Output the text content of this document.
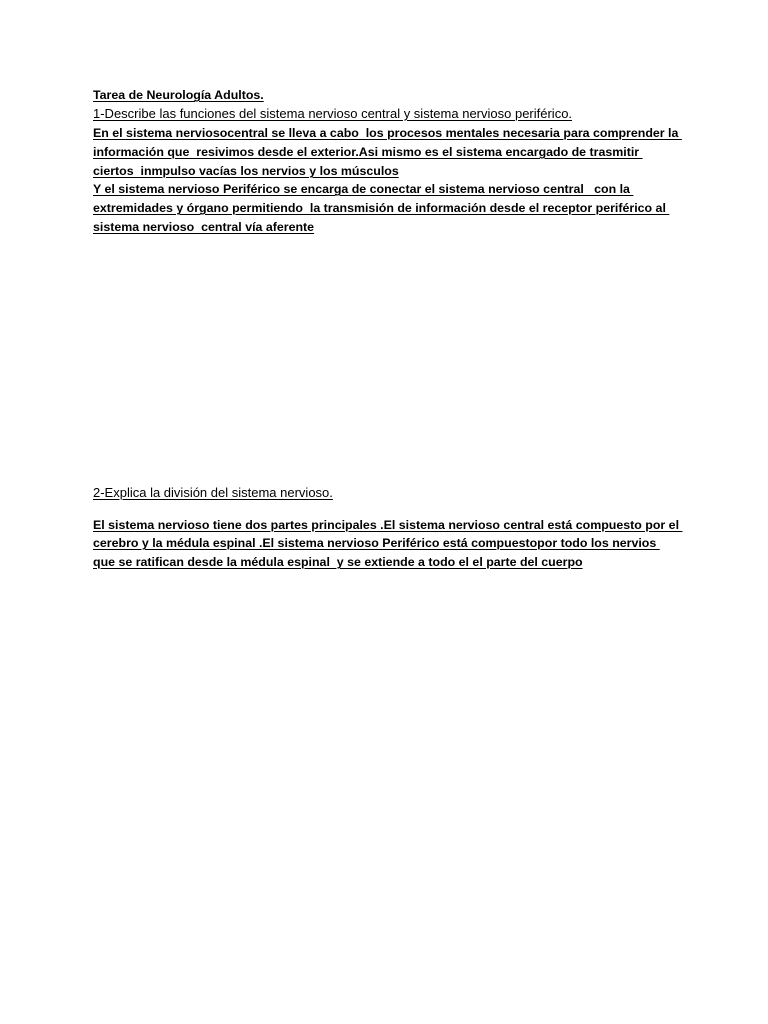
Tarea de Neurología Adultos.
1-Describe las funciones del sistema nervioso central y sistema nervioso periférico.
En el sistema nerviosocentral se lleva a cabo  los procesos mentales necesaria para comprender la
información que  resivimos desde el exterior.Asi mismo es el sistema encargado de trasmitir
ciertos  inmpulso vacías los nervios y los músculos
Y el sistema nervioso Periférico se encarga de conectar el sistema nervioso central   con la
extremidades y órgano permitiendo  la transmisión de información desde el receptor periférico al
sistema nervioso  central vía aferente
2-Explica la división del sistema nervioso.
El sistema nervioso tiene dos partes principales .El sistema nervioso central está compuesto por el
cerebro y la médula espinal .El sistema nervioso Periférico está compuestopor todo los nervios
que se ratifican desde la médula espinal  y se extiende a todo el el parte del cuerpo
